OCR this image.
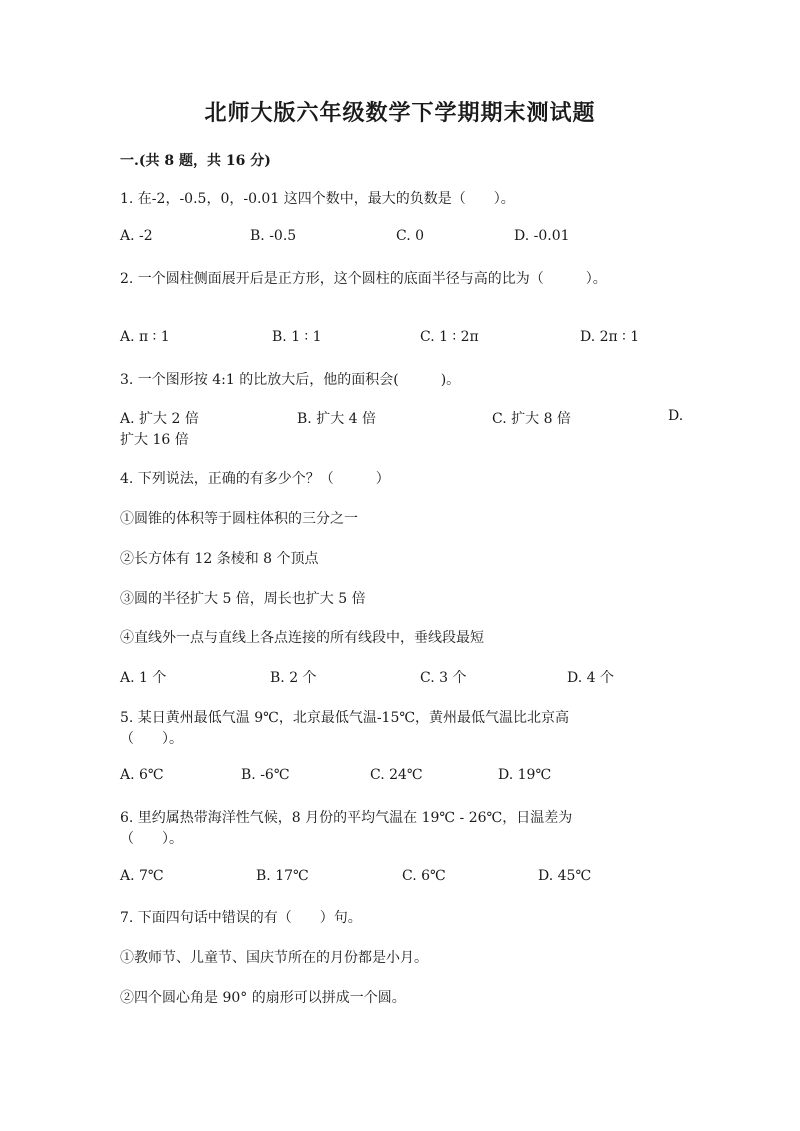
北师大版六年级数学下学期期末测试题
一.(共 8 题，共 16 分)
1. 在-2，-0.5，0，-0.01 这四个数中，最大的负数是（　　）。
A. -2	B. -0.5	C. 0	D. -0.01
2. 一个圆柱侧面展开后是正方形，这个圆柱的底面半径与高的比为（　　　）。
A. π ∶ 1	B. 1 ∶ 1	C. 1 ∶ 2π	D. 2π ∶ 1
3. 一个图形按 4:1 的比放大后，他的面积会(　　　)。
A. 扩大 2 倍	B. 扩大 4 倍	C. 扩大 8 倍	D.
扩大 16 倍
4. 下列说法，正确的有多少个？（　　　）
①圆锥的体积等于圆柱体积的三分之一
②长方体有 12 条棱和 8 个顶点
③圆的半径扩大 5 倍，周长也扩大 5 倍
④直线外一点与直线上各点连接的所有线段中，垂线段最短
A. 1 个	B. 2 个	C. 3 个	D. 4 个
5. 某日黄州最低气温 9℃，北京最低气温-15℃，黄州最低气温比北京高
（　　）。
A. 6℃	B. -6℃	C. 24℃	D. 19℃
6. 里约属热带海洋性气候，8 月份的平均气温在 19℃ - 26℃，日温差为
（　　）。
A. 7℃	B. 17℃	C. 6℃	D. 45℃
7. 下面四句话中错误的有（　　）句。
①教师节、儿童节、国庆节所在的月份都是小月。
②四个圆心角是 90° 的扇形可以拼成一个圆。
